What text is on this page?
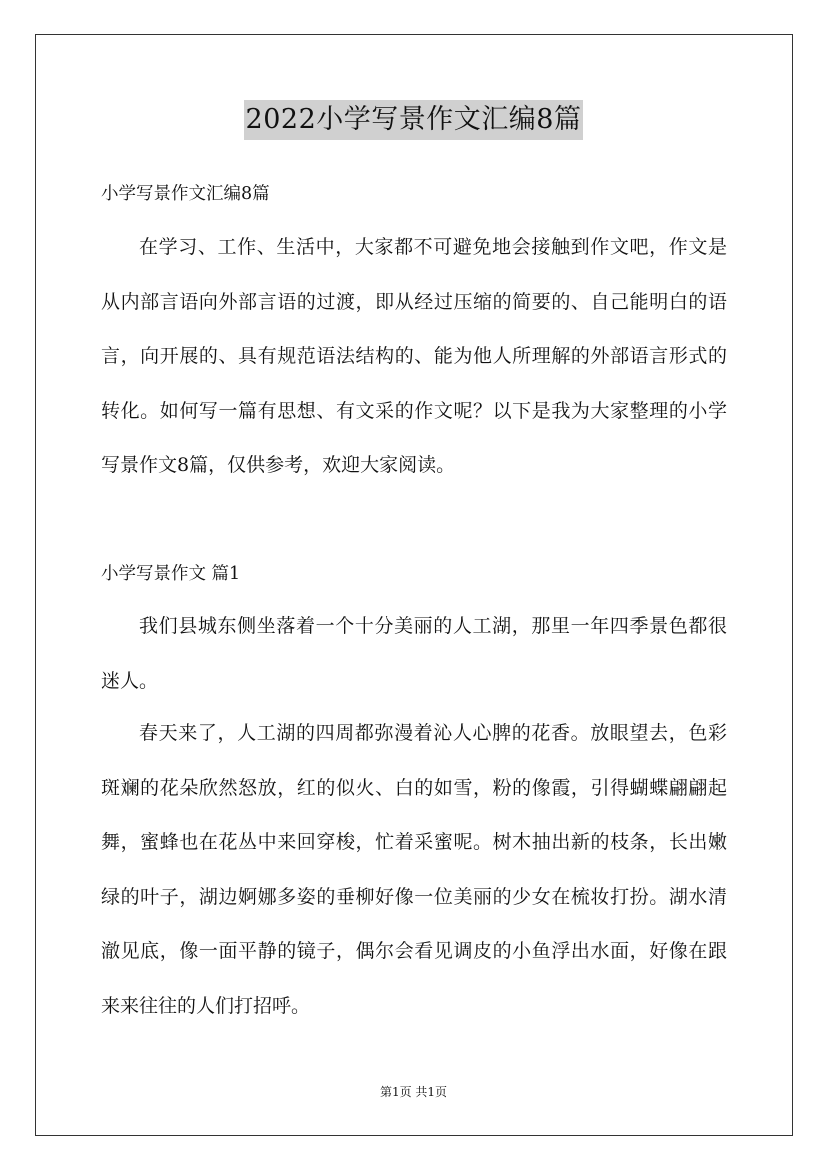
2022小学写景作文汇编8篇
小学写景作文汇编8篇

在学习、工作、生活中，大家都不可避免地会接触到作文吧，作文是从内部言语向外部言语的过渡，即从经过压缩的简要的、自己能明白的语言，向开展的、具有规范语法结构的、能为他人所理解的外部语言形式的转化。如何写一篇有思想、有文采的作文呢？以下是我为大家整理的小学写景作文8篇，仅供参考，欢迎大家阅读。

小学写景作文 篇1

我们县城东侧坐落着一个十分美丽的人工湖，那里一年四季景色都很迷人。

春天来了，人工湖的四周都弥漫着沁人心脾的花香。放眼望去，色彩斑斓的花朵欣然怒放，红的似火、白的如雪，粉的像霞，引得蝴蝶翩翩起舞，蜜蜂也在花丛中来回穿梭，忙着采蜜呢。树木抽出新的枝条，长出嫩绿的叶子，湖边婀娜多姿的垂柳好像一位美丽的少女在梳妆打扮。湖水清澈见底，像一面平静的镜子，偶尔会看见调皮的小鱼浮出水面，好像在跟来来往往的人们打招呼。

第1页 共1页
